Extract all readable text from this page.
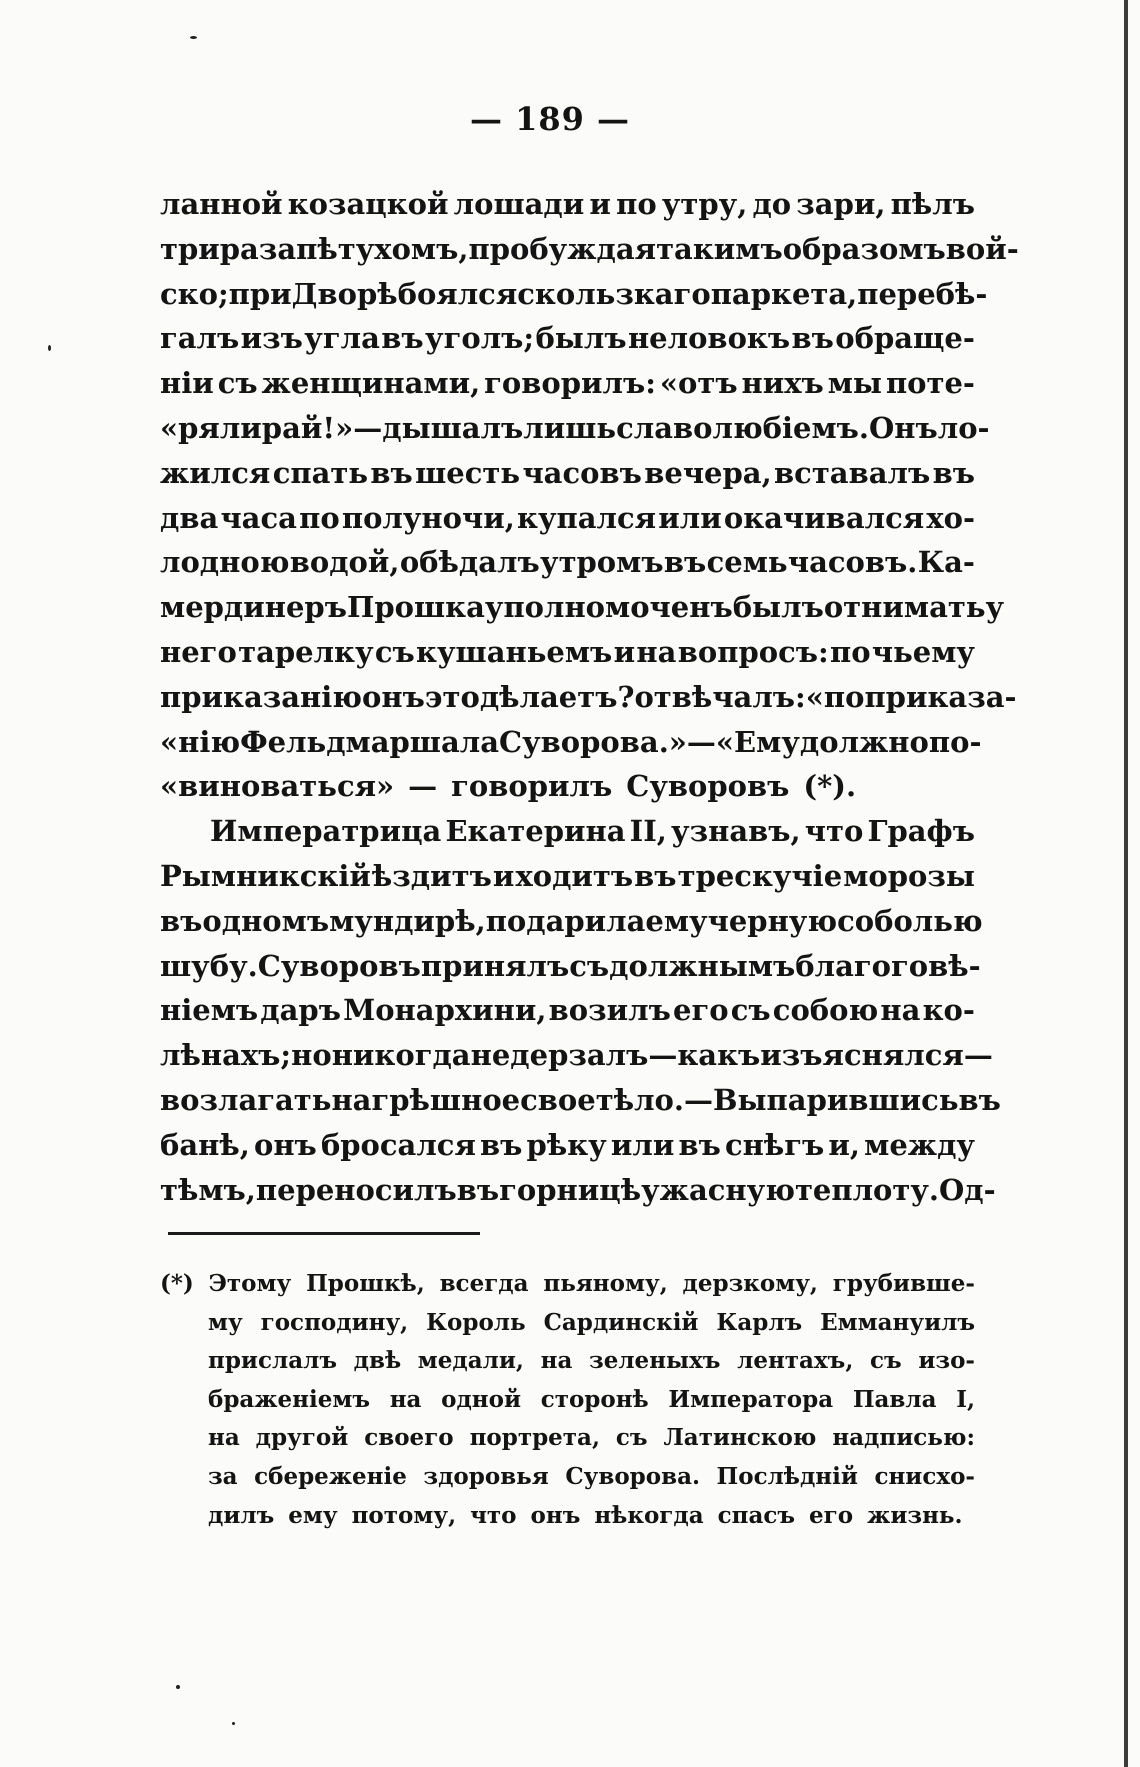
— 189 —
ланной козацкой лошади и по утру, до зари, пѣлъ
три раза пѣтухомъ, пробуждая такимъ образомъ вой-
ско; при Дворѣ боялся скользкаго паркета, перебѣ-
галъ изъ угла въ уголъ; былъ неловокъ въ обраще-
ніи съ женщинами, говорилъ: «отъ нихъ мы поте-
«ряли рай!» — дышалъ лишь славолюбіемъ. Онъ ло-
жился спать въ шесть часовъ вечера, вставалъ въ
два часа по полуночи, купался или окачивался хо-
лодною водой, обѣдалъ утромъ въ семь часовъ. Ка-
мердинеръ Прошка уполномоченъ былъ отнимать у
него тарелку съ кушаньемъ и на вопросъ: по чьему
приказанію онъ это дѣлаетъ? отвѣчалъ: «по приказа-
«нію Фельдмаршала Суворова.» — «Ему должно по-
«виноваться» — говорилъ Суворовъ (*).
Императрица Екатерина II, узнавъ, что Графъ
Рымникскій ѣздитъ и ходитъ въ трескучіе морозы
въ одномъ мундирѣ, подарила ему черную соболью
шубу. Суворовъ принялъ съ должнымъ благоговѣ-
ніемъ даръ Монархини, возилъ его съ собою на ко-
лѣнахъ; но никогда не дерзалъ — какъ изъяснялся —
возлагать на грѣшное свое тѣло. — Выпарившись въ
банѣ, онъ бросался въ рѣку или въ снѣгъ и, между
тѣмъ, переносилъ въ горницѣ ужасную теплоту. Од-
(*) Этому Прошкѣ, всегда пьяному, дерзкому, грубивше-
му господину, Король Сардинскій Карлъ Еммануилъ
прислалъ двѣ медали, на зеленыхъ лентахъ, съ изо-
браженіемъ на одной сторонѣ Императора Павла I,
на другой своего портрета, съ Латинскою надписью:
за сбереженіе здоровья Суворова. Послѣдній снисхо-
дилъ ему потому, что онъ нѣкогда спасъ его жизнь.
